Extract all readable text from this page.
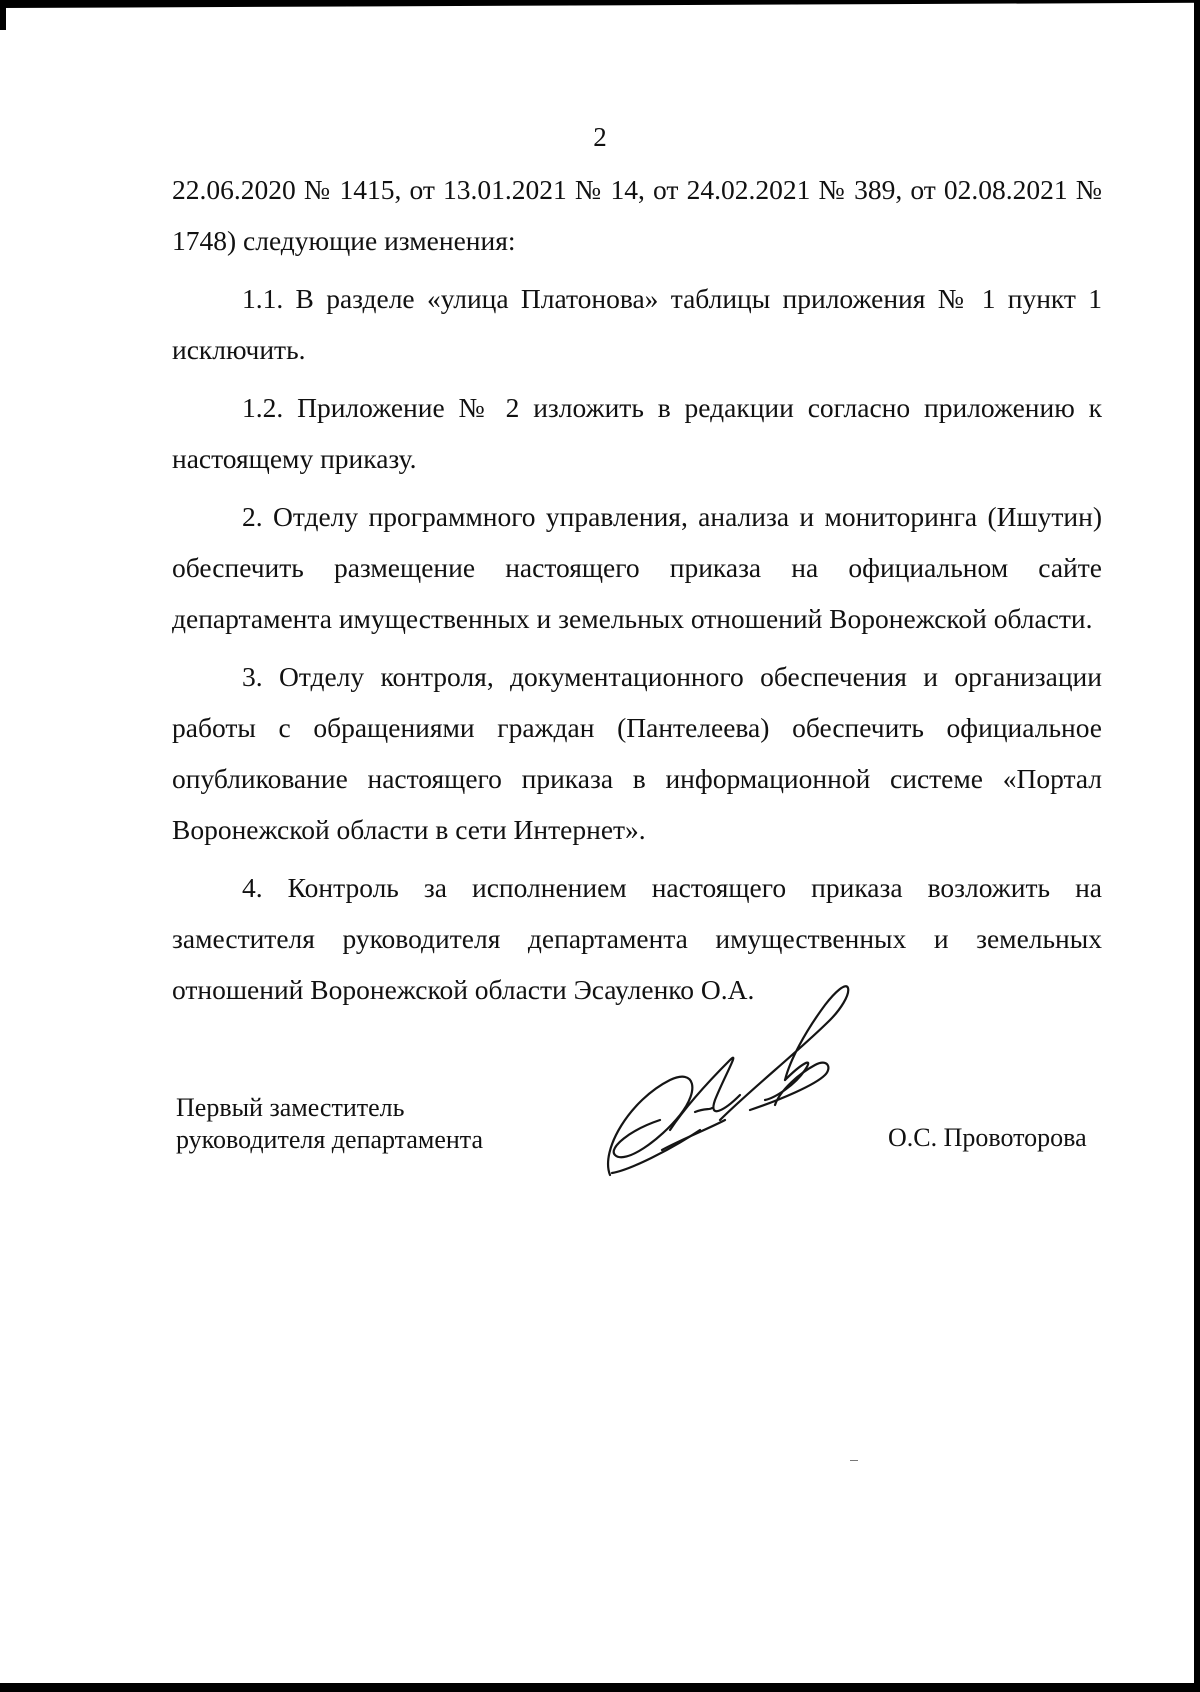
2

22.06.2020 № 1415, от 13.01.2021 № 14, от 24.02.2021 № 389, от 02.08.2021 № 1748) следующие изменения:

1.1. В разделе «улица Платонова» таблицы приложения № 1 пункт 1 исключить.

1.2. Приложение № 2 изложить в редакции согласно приложению к настоящему приказу.

2. Отделу программного управления, анализа и мониторинга (Ишутин) обеспечить размещение настоящего приказа на официальном сайте департамента имущественных и земельных отношений Воронежской области.

3. Отделу контроля, документационного обеспечения и организации работы с обращениями граждан (Пантелеева) обеспечить официальное опубликование настоящего приказа в информационной системе «Портал Воронежской области в сети Интернет».

4. Контроль за исполнением настоящего приказа возложить на заместителя руководителя департамента имущественных и земельных отношений Воронежской области Эсауленко О.А.

Первый заместитель
руководителя департамента	О.С. Провоторова
